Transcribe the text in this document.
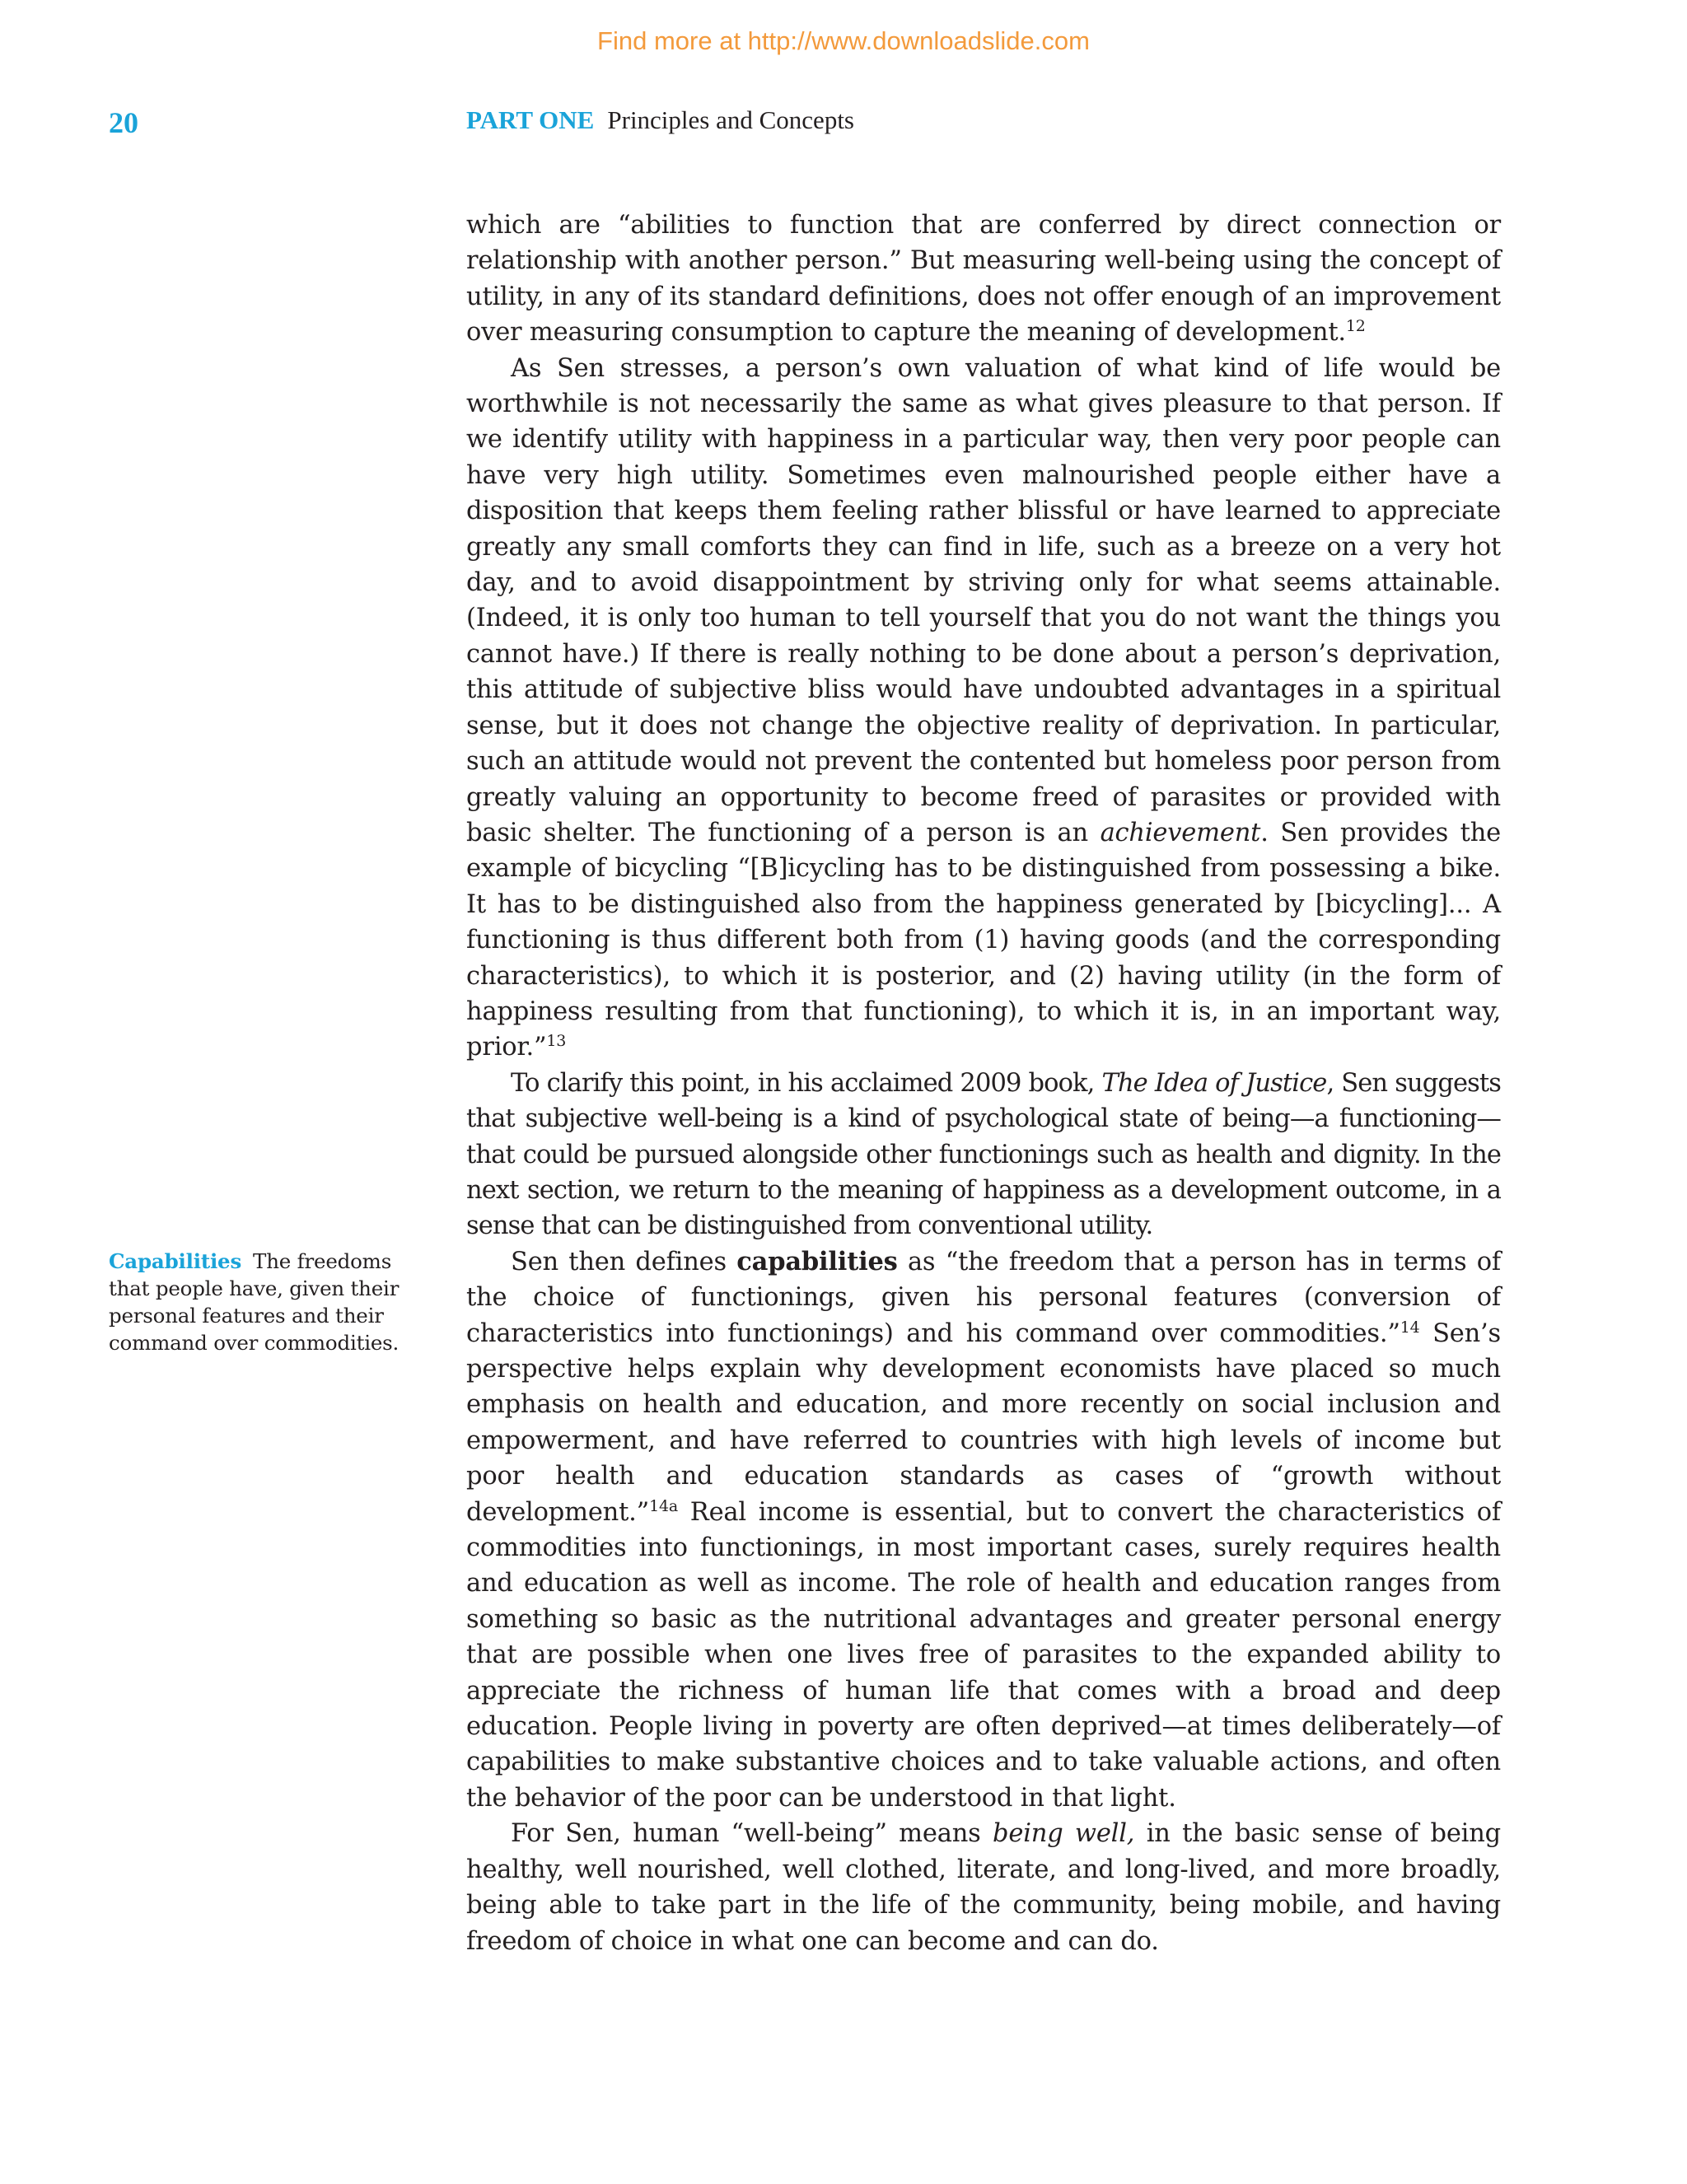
Find more at http://www.downloadslide.com
20	PART ONE Principles and Concepts
Capabilities The freedoms that people have, given their personal features and their command over commodities.

which are “abilities to function that are conferred by direct connection or relationship with another person.” But measuring well-being using the concept of utility, in any of its standard definitions, does not offer enough of an improvement over measuring consumption to capture the meaning of development.$^{12}$

As Sen stresses, a person’s own valuation of what kind of life would be worthwhile is not necessarily the same as what gives pleasure to that person. If we identify utility with happiness in a particular way, then very poor people can have very high utility. Sometimes even malnourished people either have a disposition that keeps them feeling rather blissful or have learned to appreciate greatly any small comforts they can find in life, such as a breeze on a very hot day, and to avoid disappointment by striving only for what seems attainable. (Indeed, it is only too human to tell yourself that you do not want the things you cannot have.) If there is really nothing to be done about a person’s deprivation, this attitude of subjective bliss would have undoubted advantages in a spiritual sense, but it does not change the objective reality of deprivation. In particular, such an attitude would not prevent the contented but homeless poor person from greatly valuing an opportunity to become freed of parasites or provided with basic shelter. The functioning of a person is an achievement. Sen provides the example of bicycling “[B]icycling has to be distinguished from possessing a bike. It has to be distinguished also from the happiness generated by [bicycling]... A functioning is thus different both from (1) having goods (and the corresponding characteristics), to which it is posterior, and (2) having utility (in the form of happiness resulting from that functioning), to which it is, in an important way, prior.”$^{13}$

To clarify this point, in his acclaimed 2009 book, The Idea of Justice, Sen suggests that subjective well-being is a kind of psychological state of being—a functioning—that could be pursued alongside other functionings such as health and dignity. In the next section, we return to the meaning of happiness as a development outcome, in a sense that can be distinguished from conventional utility.

Sen then defines capabilities as “the freedom that a person has in terms of the choice of functionings, given his personal features (conversion of characteristics into functionings) and his command over commodities.”$^{14}$ Sen’s perspective helps explain why development economists have placed so much emphasis on health and education, and more recently on social inclusion and empowerment, and have referred to countries with high levels of income but poor health and education standards as cases of “growth without development.”$^{14a}$ Real income is essential, but to convert the characteristics of commodities into functionings, in most important cases, surely requires health and education as well as income. The role of health and education ranges from something so basic as the nutritional advantages and greater personal energy that are possible when one lives free of parasites to the expanded ability to appreciate the richness of human life that comes with a broad and deep education. People living in poverty are often deprived—at times deliberately—of capabilities to make substantive choices and to take valuable actions, and often the behavior of the poor can be understood in that light.

For Sen, human “well-being” means being well, in the basic sense of being healthy, well nourished, well clothed, literate, and long-lived, and more broadly, being able to take part in the life of the community, being mobile, and having freedom of choice in what one can become and can do.
